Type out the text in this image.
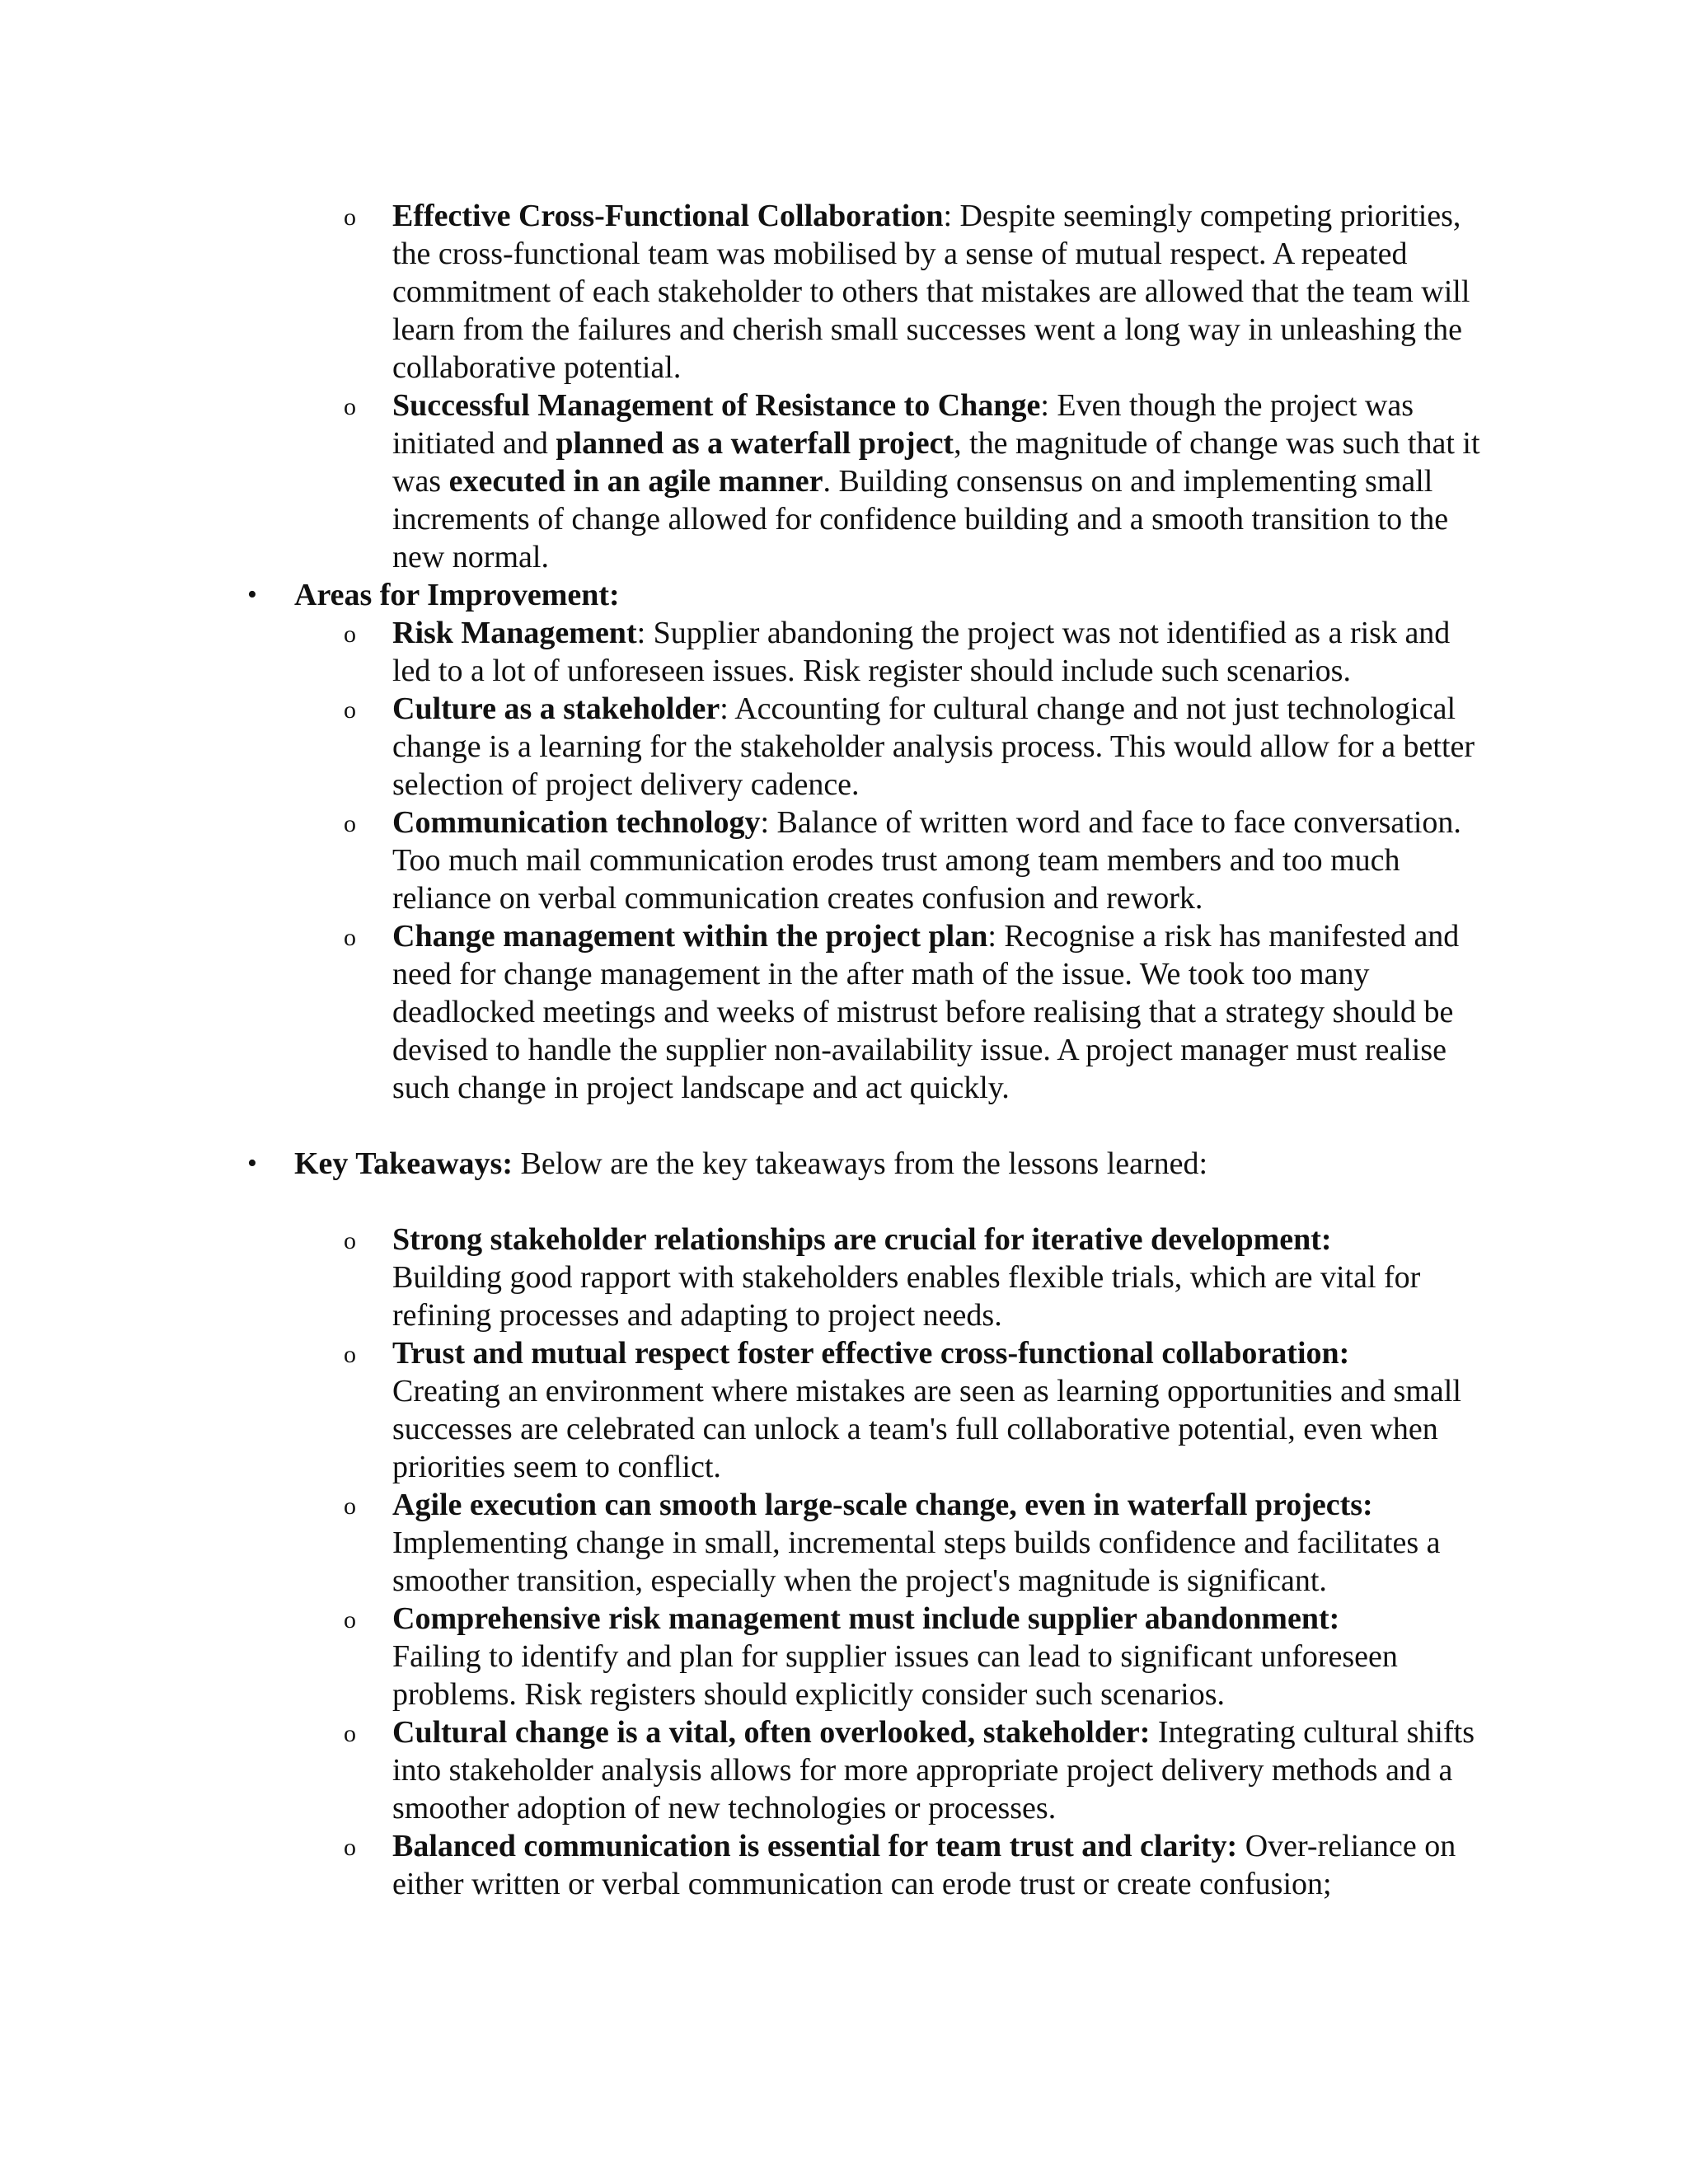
o Effective Cross-Functional Collaboration: Despite seemingly competing priorities, the cross-functional team was mobilised by a sense of mutual respect. A repeated commitment of each stakeholder to others that mistakes are allowed that the team will learn from the failures and cherish small successes went a long way in unleashing the collaborative potential.
o Successful Management of Resistance to Change: Even though the project was initiated and planned as a waterfall project, the magnitude of change was such that it was executed in an agile manner. Building consensus on and implementing small increments of change allowed for confidence building and a smooth transition to the new normal.
• Areas for Improvement:
o Risk Management: Supplier abandoning the project was not identified as a risk and led to a lot of unforeseen issues. Risk register should include such scenarios.
o Culture as a stakeholder: Accounting for cultural change and not just technological change is a learning for the stakeholder analysis process. This would allow for a better selection of project delivery cadence.
o Communication technology: Balance of written word and face to face conversation. Too much mail communication erodes trust among team members and too much reliance on verbal communication creates confusion and rework.
o Change management within the project plan: Recognise a risk has manifested and need for change management in the after math of the issue. We took too many deadlocked meetings and weeks of mistrust before realising that a strategy should be devised to handle the supplier non-availability issue. A project manager must realise such change in project landscape and act quickly.
• Key Takeaways: Below are the key takeaways from the lessons learned:
o Strong stakeholder relationships are crucial for iterative development:
Building good rapport with stakeholders enables flexible trials, which are vital for refining processes and adapting to project needs.
o Trust and mutual respect foster effective cross-functional collaboration:
Creating an environment where mistakes are seen as learning opportunities and small successes are celebrated can unlock a team's full collaborative potential, even when priorities seem to conflict.
o Agile execution can smooth large-scale change, even in waterfall projects:
Implementing change in small, incremental steps builds confidence and facilitates a smoother transition, especially when the project's magnitude is significant.
o Comprehensive risk management must include supplier abandonment:
Failing to identify and plan for supplier issues can lead to significant unforeseen problems. Risk registers should explicitly consider such scenarios.
o Cultural change is a vital, often overlooked, stakeholder: Integrating cultural shifts into stakeholder analysis allows for more appropriate project delivery methods and a smoother adoption of new technologies or processes.
o Balanced communication is essential for team trust and clarity: Over-reliance on either written or verbal communication can erode trust or create confusion;
